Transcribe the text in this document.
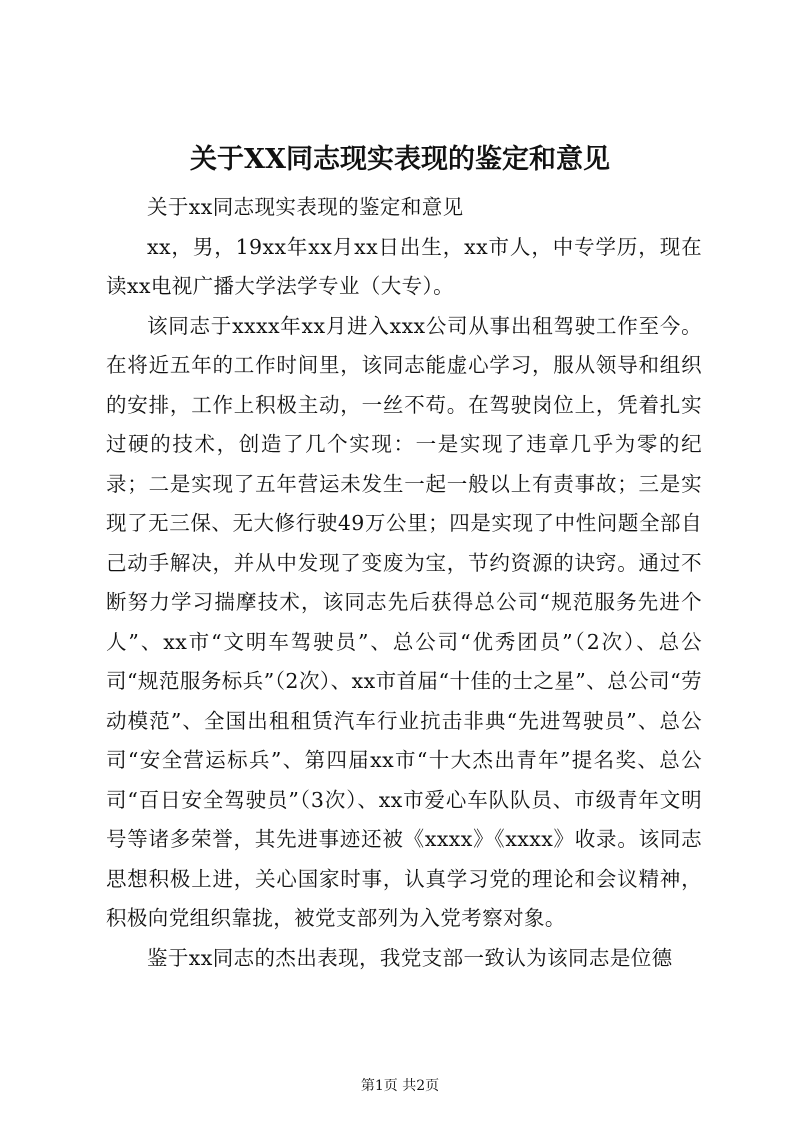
关于XX同志现实表现的鉴定和意见

关于xx同志现实表现的鉴定和意见

xx，男，19xx年xx月xx日出生，xx市人，中专学历，现在读xx电视广播大学法学专业（大专）。

该同志于xxxx年xx月进入xxx公司从事出租驾驶工作至今。在将近五年的工作时间里，该同志能虚心学习，服从领导和组织的安排，工作上积极主动，一丝不苟。在驾驶岗位上，凭着扎实过硬的技术，创造了几个实现：一是实现了违章几乎为零的纪录；二是实现了五年营运未发生一起一般以上有责事故；三是实现了无三保、无大修行驶49万公里；四是实现了中性问题全部自己动手解决，并从中发现了变废为宝，节约资源的诀窍。通过不断努力学习揣摩技术，该同志先后获得总公司“规范服务先进个人”、xx市“文明车驾驶员”、总公司“优秀团员”（2次）、总公司“规范服务标兵”（2次）、xx市首届“十佳的士之星”、总公司“劳动模范”、全国出租租赁汽车行业抗击非典“先进驾驶员”、总公司“安全营运标兵”、第四届xx市“十大杰出青年”提名奖、总公司“百日安全驾驶员”（3次）、xx市爱心车队队员、市级青年文明号等诸多荣誉，其先进事迹还被《xxxx》《xxxx》收录。该同志思想积极上进，关心国家时事，认真学习党的理论和会议精神，积极向党组织靠拢，被党支部列为入党考察对象。

鉴于xx同志的杰出表现，我党支部一致认为该同志是位德

第1页 共2页
